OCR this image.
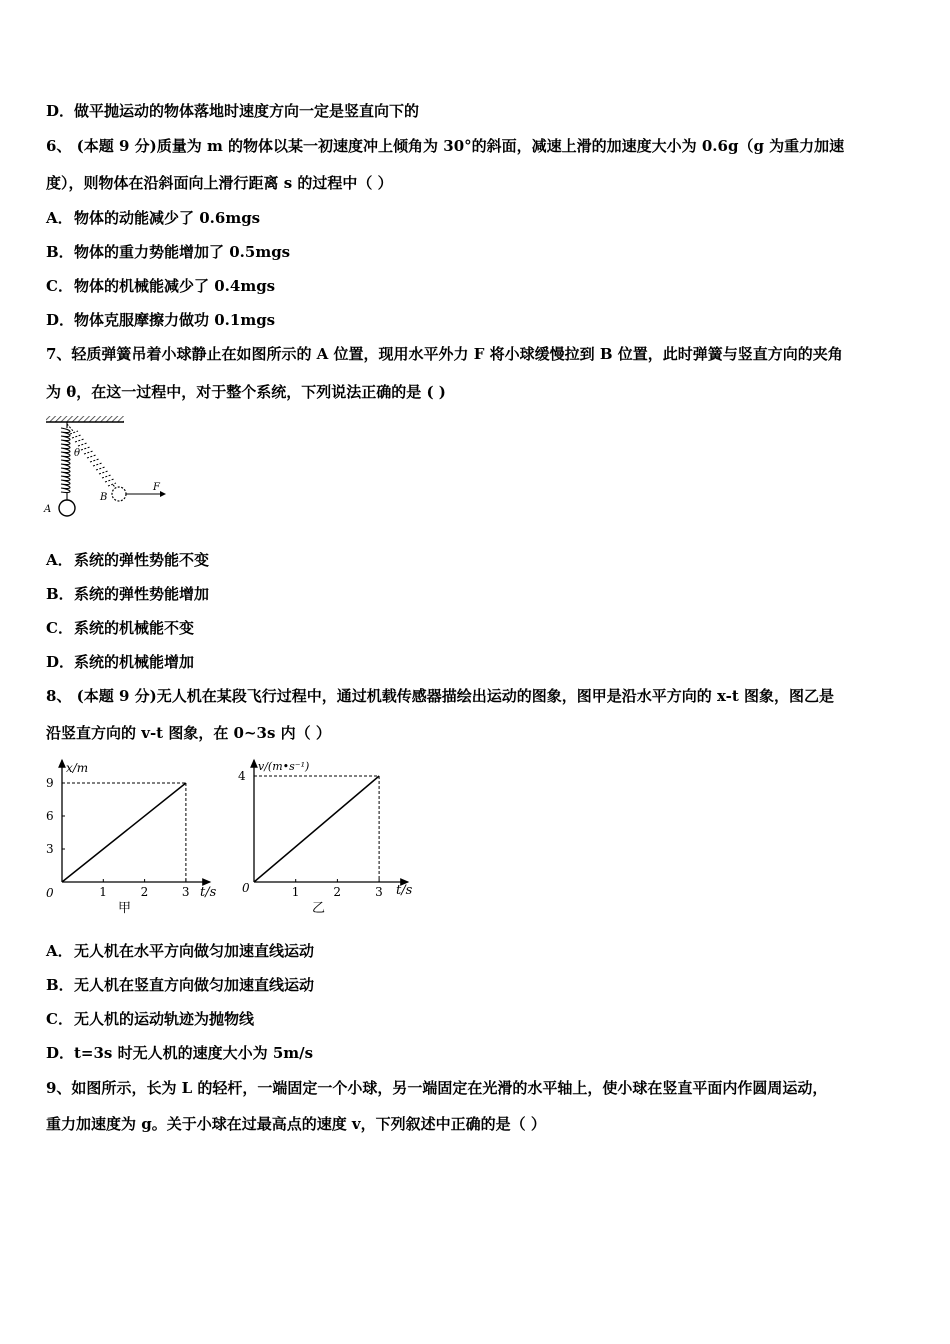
D．做平抛运动的物体落地时速度方向一定是竖直向下的
6、 (本题 9 分)质量为 m 的物体以某一初速度冲上倾角为 30°的斜面，减速上滑的加速度大小为 0.6g（g 为重力加速
度），则物体在沿斜面向上滑行距离 s 的过程中（ ）
A．物体的动能减少了 0.6mgs
B．物体的重力势能增加了 0.5mgs
C．物体的机械能减少了 0.4mgs
D．物体克服摩擦力做功 0.1mgs
7、轻质弹簧吊着小球静止在如图所示的 A 位置，现用水平外力 F 将小球缓慢拉到 B 位置，此时弹簧与竖直方向的夹角
为 θ，在这一过程中，对于整个系统，下列说法正确的是 ( )
θ
A
B
F
A．系统的弹性势能不变
B．系统的弹性势能增加
C．系统的机械能不变
D．系统的机械能增加
8、 (本题 9 分)无人机在某段飞行过程中，通过机载传感器描绘出运动的图象，图甲是沿水平方向的 x-t 图象，图乙是
沿竖直方向的 v-t 图象，在 0~3s 内（ ）
1	2	3
3
6
9
x/m
t/s
0
甲
1	2	3
4
v/(m•s⁻¹)
t/s
0
乙
A．无人机在水平方向做匀加速直线运动
B．无人机在竖直方向做匀加速直线运动
C．无人机的运动轨迹为抛物线
D．t=3s 时无人机的速度大小为 5m/s
9、如图所示，长为 L 的轻杆，一端固定一个小球，另一端固定在光滑的水平轴上，使小球在竖直平面内作圆周运动，
重力加速度为 g。关于小球在过最高点的速度 v，下列叙述中正确的是（ ）
